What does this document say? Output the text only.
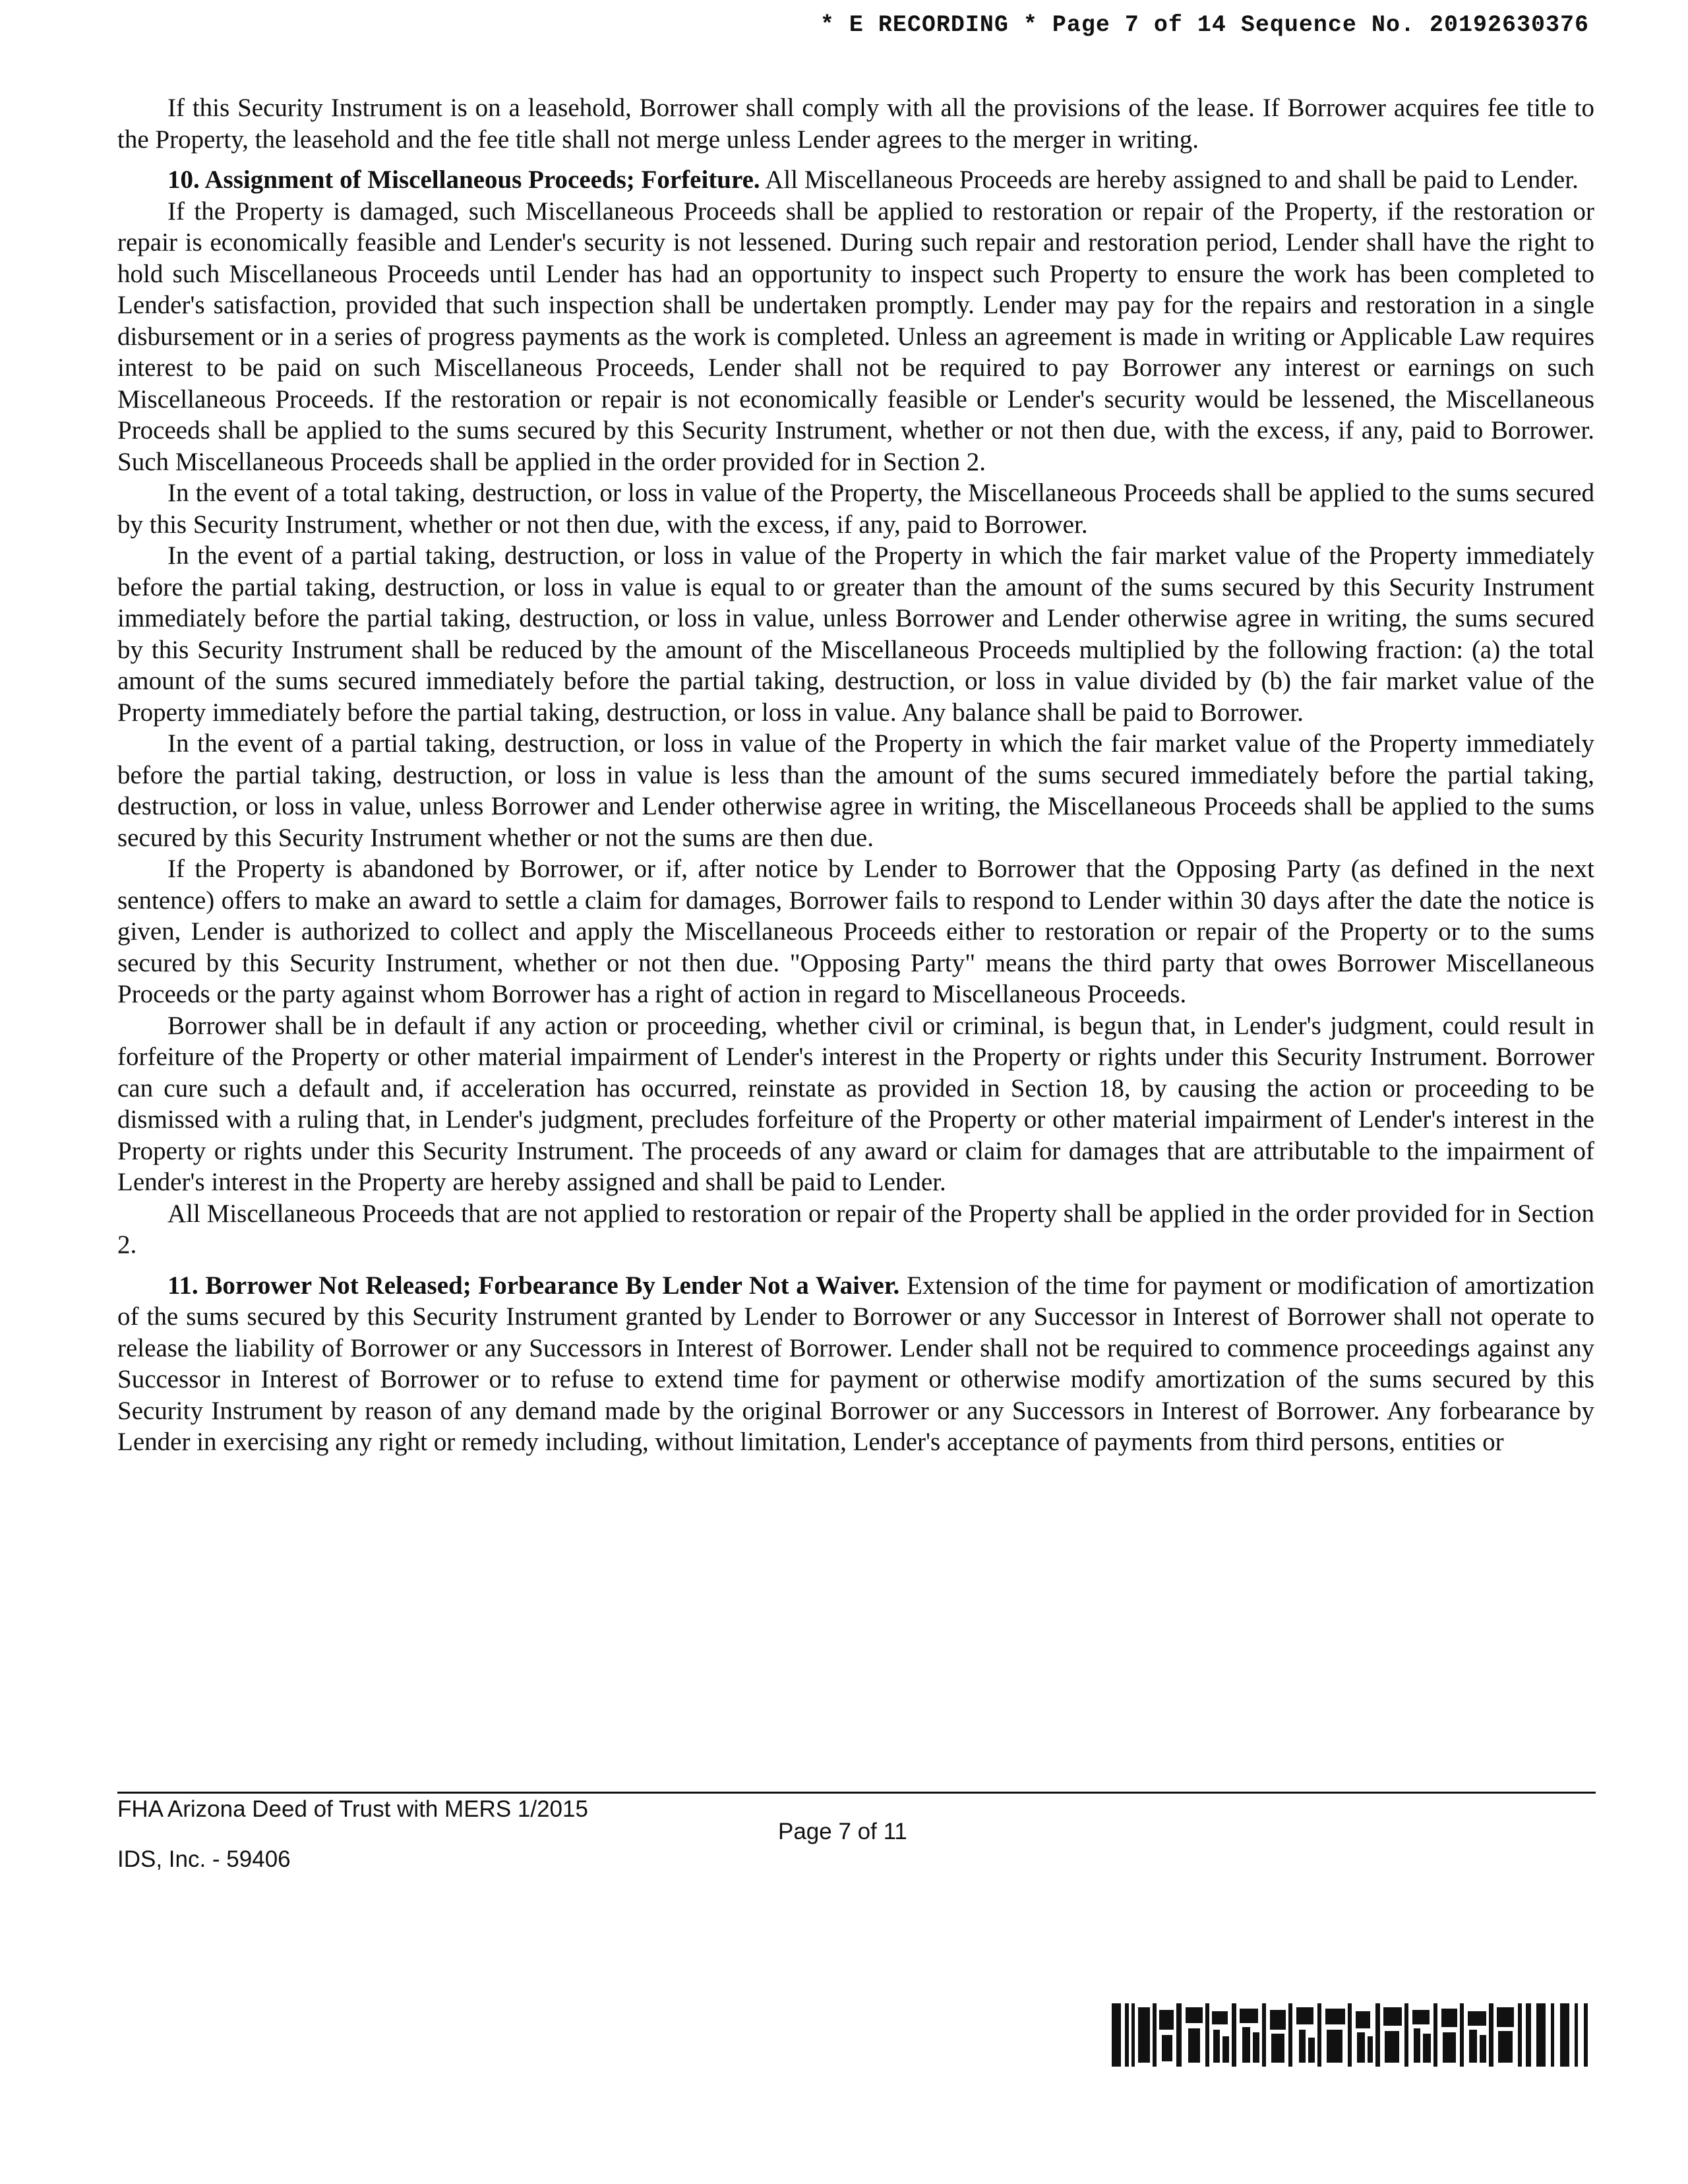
* E RECORDING * Page 7 of 14 Sequence No. 20192630376

If this Security Instrument is on a leasehold, Borrower shall comply with all the provisions of the lease. If Borrower acquires fee title to the Property, the leasehold and the fee title shall not merge unless Lender agrees to the merger in writing.

10. Assignment of Miscellaneous Proceeds; Forfeiture. All Miscellaneous Proceeds are hereby assigned to and shall be paid to Lender.

If the Property is damaged, such Miscellaneous Proceeds shall be applied to restoration or repair of the Property, if the restoration or repair is economically feasible and Lender's security is not lessened. During such repair and restoration period, Lender shall have the right to hold such Miscellaneous Proceeds until Lender has had an opportunity to inspect such Property to ensure the work has been completed to Lender's satisfaction, provided that such inspection shall be undertaken promptly. Lender may pay for the repairs and restoration in a single disbursement or in a series of progress payments as the work is completed. Unless an agreement is made in writing or Applicable Law requires interest to be paid on such Miscellaneous Proceeds, Lender shall not be required to pay Borrower any interest or earnings on such Miscellaneous Proceeds. If the restoration or repair is not economically feasible or Lender's security would be lessened, the Miscellaneous Proceeds shall be applied to the sums secured by this Security Instrument, whether or not then due, with the excess, if any, paid to Borrower. Such Miscellaneous Proceeds shall be applied in the order provided for in Section 2.

In the event of a total taking, destruction, or loss in value of the Property, the Miscellaneous Proceeds shall be applied to the sums secured by this Security Instrument, whether or not then due, with the excess, if any, paid to Borrower.

In the event of a partial taking, destruction, or loss in value of the Property in which the fair market value of the Property immediately before the partial taking, destruction, or loss in value is equal to or greater than the amount of the sums secured by this Security Instrument immediately before the partial taking, destruction, or loss in value, unless Borrower and Lender otherwise agree in writing, the sums secured by this Security Instrument shall be reduced by the amount of the Miscellaneous Proceeds multiplied by the following fraction: (a) the total amount of the sums secured immediately before the partial taking, destruction, or loss in value divided by (b) the fair market value of the Property immediately before the partial taking, destruction, or loss in value. Any balance shall be paid to Borrower.

In the event of a partial taking, destruction, or loss in value of the Property in which the fair market value of the Property immediately before the partial taking, destruction, or loss in value is less than the amount of the sums secured immediately before the partial taking, destruction, or loss in value, unless Borrower and Lender otherwise agree in writing, the Miscellaneous Proceeds shall be applied to the sums secured by this Security Instrument whether or not the sums are then due.

If the Property is abandoned by Borrower, or if, after notice by Lender to Borrower that the Opposing Party (as defined in the next sentence) offers to make an award to settle a claim for damages, Borrower fails to respond to Lender within 30 days after the date the notice is given, Lender is authorized to collect and apply the Miscellaneous Proceeds either to restoration or repair of the Property or to the sums secured by this Security Instrument, whether or not then due. "Opposing Party" means the third party that owes Borrower Miscellaneous Proceeds or the party against whom Borrower has a right of action in regard to Miscellaneous Proceeds.

Borrower shall be in default if any action or proceeding, whether civil or criminal, is begun that, in Lender's judgment, could result in forfeiture of the Property or other material impairment of Lender's interest in the Property or rights under this Security Instrument. Borrower can cure such a default and, if acceleration has occurred, reinstate as provided in Section 18, by causing the action or proceeding to be dismissed with a ruling that, in Lender's judgment, precludes forfeiture of the Property or other material impairment of Lender's interest in the Property or rights under this Security Instrument. The proceeds of any award or claim for damages that are attributable to the impairment of Lender's interest in the Property are hereby assigned and shall be paid to Lender.

All Miscellaneous Proceeds that are not applied to restoration or repair of the Property shall be applied in the order provided for in Section 2.

11. Borrower Not Released; Forbearance By Lender Not a Waiver. Extension of the time for payment or modification of amortization of the sums secured by this Security Instrument granted by Lender to Borrower or any Successor in Interest of Borrower shall not operate to release the liability of Borrower or any Successors in Interest of Borrower. Lender shall not be required to commence proceedings against any Successor in Interest of Borrower or to refuse to extend time for payment or otherwise modify amortization of the sums secured by this Security Instrument by reason of any demand made by the original Borrower or any Successors in Interest of Borrower. Any forbearance by Lender in exercising any right or remedy including, without limitation, Lender's acceptance of payments from third persons, entities or

FHA Arizona Deed of Trust with MERS 1/2015
Page 7 of 11
IDS, Inc. - 59406
